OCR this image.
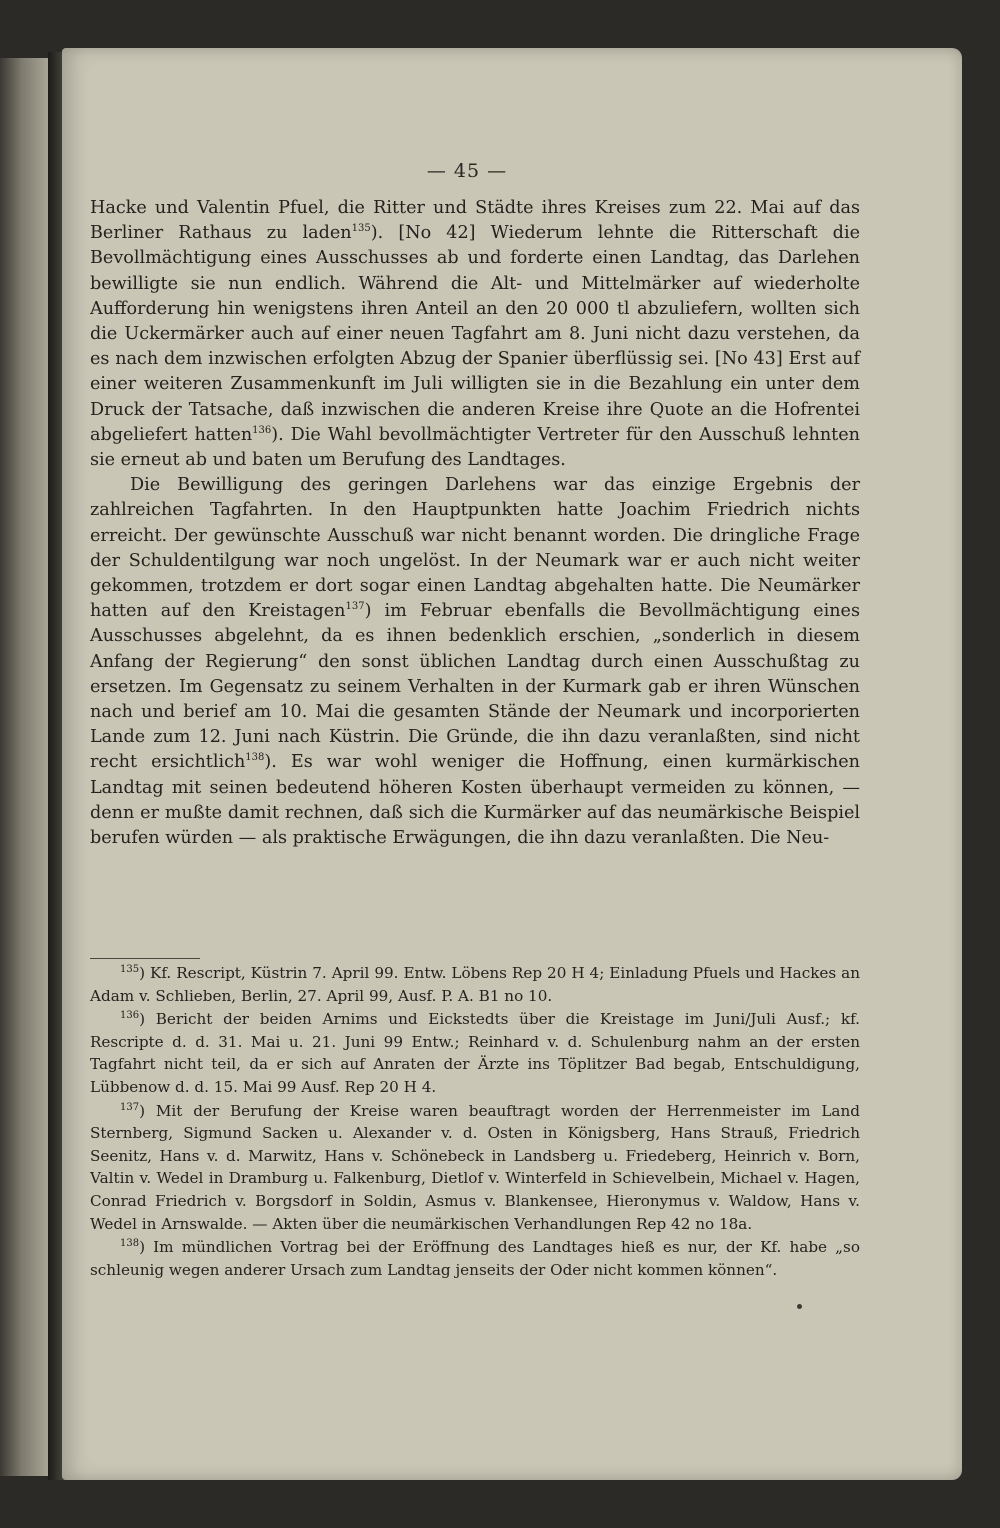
— 45 —

Hacke und Valentin Pfuel, die Ritter und Städte ihres Kreises zum 22. Mai auf das Berliner Rathaus zu laden$^{135}$). [No 42] Wiederum lehnte die Ritterschaft die Bevollmächtigung eines Ausschusses ab und forderte einen Landtag, das Darlehen bewilligte sie nun endlich. Während die Alt- und Mittelmärker auf wiederholte Aufforderung hin wenigstens ihren Anteil an den 20 000 tl abzuliefern, wollten sich die Uckermärker auch auf einer neuen Tagfahrt am 8. Juni nicht dazu verstehen, da es nach dem inzwischen erfolgten Abzug der Spanier überflüssig sei. [No 43] Erst auf einer weiteren Zusammenkunft im Juli willigten sie in die Bezahlung ein unter dem Druck der Tatsache, daß inzwischen die anderen Kreise ihre Quote an die Hofrentei abgeliefert hatten$^{136}$). Die Wahl bevollmächtigter Vertreter für den Ausschuß lehnten sie erneut ab und baten um Berufung des Landtages.

Die Bewilligung des geringen Darlehens war das einzige Ergebnis der zahlreichen Tagfahrten. In den Hauptpunkten hatte Joachim Friedrich nichts erreicht. Der gewünschte Ausschuß war nicht benannt worden. Die dringliche Frage der Schuldentilgung war noch ungelöst. In der Neumark war er auch nicht weiter gekommen, trotzdem er dort sogar einen Landtag abgehalten hatte. Die Neumärker hatten auf den Kreistagen$^{137}$) im Februar ebenfalls die Bevollmächtigung eines Ausschusses abgelehnt, da es ihnen bedenklich erschien, „sonderlich in diesem Anfang der Regierung“ den sonst üblichen Landtag durch einen Ausschußtag zu ersetzen. Im Gegensatz zu seinem Verhalten in der Kurmark gab er ihren Wünschen nach und berief am 10. Mai die gesamten Stände der Neumark und incorporierten Lande zum 12. Juni nach Küstrin. Die Gründe, die ihn dazu veranlaßten, sind nicht recht ersichtlich$^{138}$). Es war wohl weniger die Hoffnung, einen kurmärkischen Landtag mit seinen bedeutend höheren Kosten überhaupt vermeiden zu können, — denn er mußte damit rechnen, daß sich die Kurmärker auf das neumärkische Beispiel berufen würden — als praktische Erwägungen, die ihn dazu veranlaßten. Die Neu-

$^{135}$) Kf. Rescript, Küstrin 7. April 99. Entw. Löbens Rep 20 H 4; Einladung Pfuels und Hackes an Adam v. Schlieben, Berlin, 27. April 99, Ausf. P. A. B1 no 10.

$^{136}$) Bericht der beiden Arnims und Eickstedts über die Kreistage im Juni/Juli Ausf.; kf. Rescripte d. d. 31. Mai u. 21. Juni 99 Entw.; Reinhard v. d. Schulenburg nahm an der ersten Tagfahrt nicht teil, da er sich auf Anraten der Ärzte ins Töplitzer Bad begab, Entschuldigung, Lübbenow d. d. 15. Mai 99 Ausf. Rep 20 H 4.

$^{137}$) Mit der Berufung der Kreise waren beauftragt worden der Herrenmeister im Land Sternberg, Sigmund Sacken u. Alexander v. d. Osten in Königsberg, Hans Strauß, Friedrich Seenitz, Hans v. d. Marwitz, Hans v. Schönebeck in Landsberg u. Friedeberg, Heinrich v. Born, Valtin v. Wedel in Dramburg u. Falkenburg, Dietlof v. Winterfeld in Schievelbein, Michael v. Hagen, Conrad Friedrich v. Borgsdorf in Soldin, Asmus v. Blankensee, Hieronymus v. Waldow, Hans v. Wedel in Arnswalde. — Akten über die neumärkischen Verhandlungen Rep 42 no 18a.

$^{138}$) Im mündlichen Vortrag bei der Eröffnung des Landtages hieß es nur, der Kf. habe „so schleunig wegen anderer Ursach zum Landtag jenseits der Oder nicht kommen können“.
